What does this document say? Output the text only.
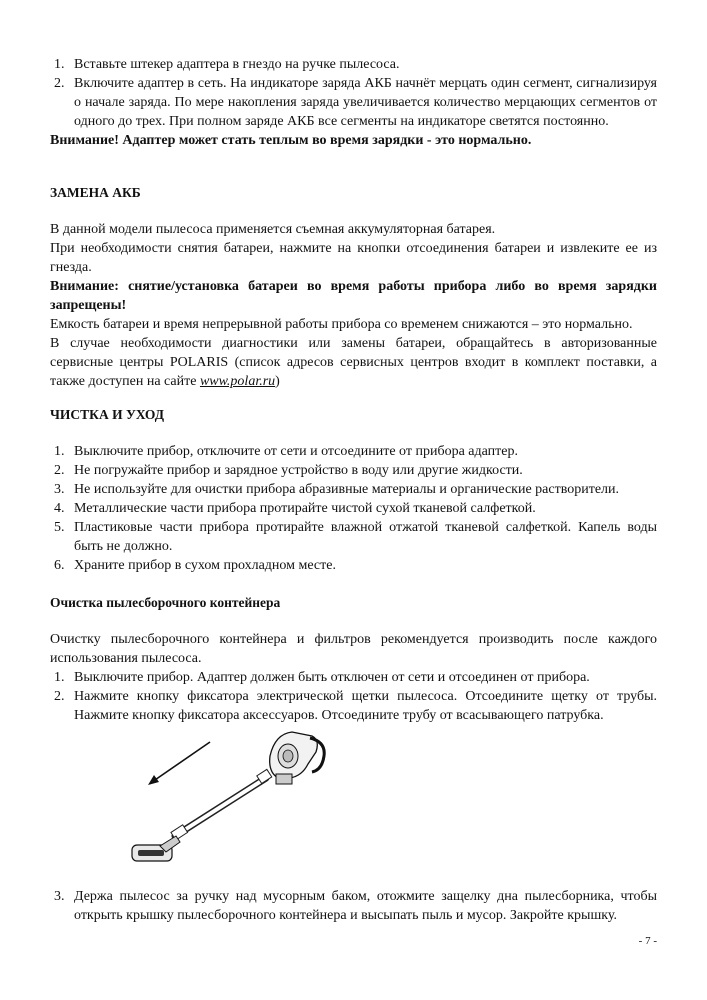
1. Вставьте штекер адаптера в гнездо на ручке пылесоса.
2. Включите адаптер в сеть. На индикаторе заряда АКБ начнёт мерцать один сегмент, сигнализируя о начале заряда. По мере накопления заряда увеличивается количество мерцающих сегментов от одного до трех. При полном заряде АКБ все сегменты на индикаторе светятся постоянно.
Внимание! Адаптер может стать теплым во время зарядки - это нормально.
ЗАМЕНА АКБ
В данной модели пылесоса применяется съемная аккумуляторная батарея.
При необходимости снятия батареи, нажмите на кнопки отсоединения батареи и извлеките ее из гнезда.
Внимание: снятие/установка батареи во время работы прибора либо во время зарядки запрещены!
Емкость батареи и время непрерывной работы прибора со временем снижаются – это нормально.
В случае необходимости диагностики или замены батареи, обращайтесь в авторизованные сервисные центры POLARIS (список адресов сервисных центров входит в комплект поставки, а также доступен на сайте www.polar.ru)
ЧИСТКА И УХОД
1. Выключите прибор, отключите от сети и отсоедините от прибора адаптер.
2. Не погружайте прибор и зарядное устройство в воду или другие жидкости.
3. Не используйте для очистки прибора абразивные материалы и органические растворители.
4. Металлические части прибора протирайте чистой сухой тканевой салфеткой.
5. Пластиковые части прибора протирайте влажной отжатой тканевой салфеткой. Капель воды быть не должно.
6. Храните прибор в сухом прохладном месте.
Очистка пылесборочного контейнера
Очистку пылесборочного контейнера и фильтров рекомендуется производить после каждого использования пылесоса.
1. Выключите прибор. Адаптер должен быть отключен от сети и отсоединен от прибора.
2. Нажмите кнопку фиксатора электрической щетки пылесоса. Отсоедините щетку от трубы. Нажмите кнопку фиксатора аксессуаров. Отсоедините трубу от всасывающего патрубка.
3. Держа пылесос за ручку над мусорным баком, отожмите защелку дна пылесборника, чтобы открыть крышку пылесборочного контейнера и высыпать пыль и мусор. Закройте крышку.
- 7 -
